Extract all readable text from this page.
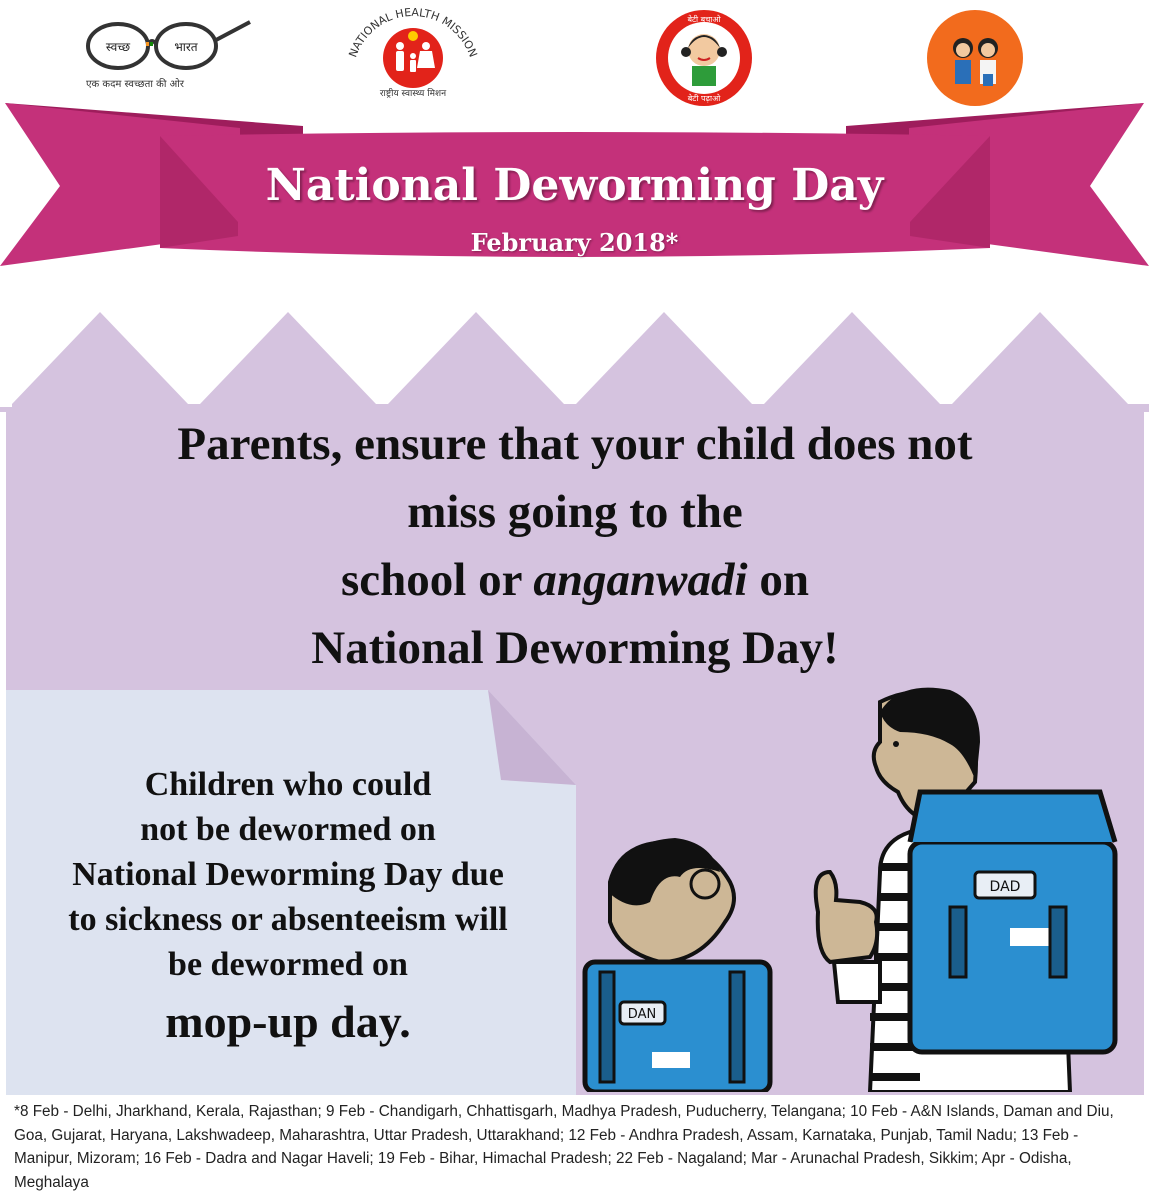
स्वच्छ	भारत
एक कदम स्वच्छता की ओर
NATIONAL HEALTH MISSION
राष्ट्रीय स्वास्थ्य मिशन
बेटी बचाओ
बेटी पढ़ाओ
National Deworming Day
February 2018*
Parents, ensure that your child does not
miss going to the
school or anganwadi on
National Deworming Day!
Children who could
not be dewormed on
National Deworming Day due
to sickness or absenteeism will
be dewormed on
mop-up day.
DAD
DAN
*8 Feb - Delhi, Jharkhand, Kerala, Rajasthan; 9 Feb - Chandigarh, Chhattisgarh, Madhya Pradesh, Puducherry, Telangana; 10 Feb - A&N Islands, Daman and Diu, Goa, Gujarat, Haryana, Lakshwadeep, Maharashtra, Uttar Pradesh, Uttarakhand; 12 Feb - Andhra Pradesh, Assam, Karnataka, Punjab, Tamil Nadu; 13 Feb - Manipur, Mizoram; 16 Feb - Dadra and Nagar Haveli; 19 Feb - Bihar, Himachal Pradesh; 22 Feb - Nagaland; Mar - Arunachal Pradesh, Sikkim; Apr - Odisha, Meghalaya
